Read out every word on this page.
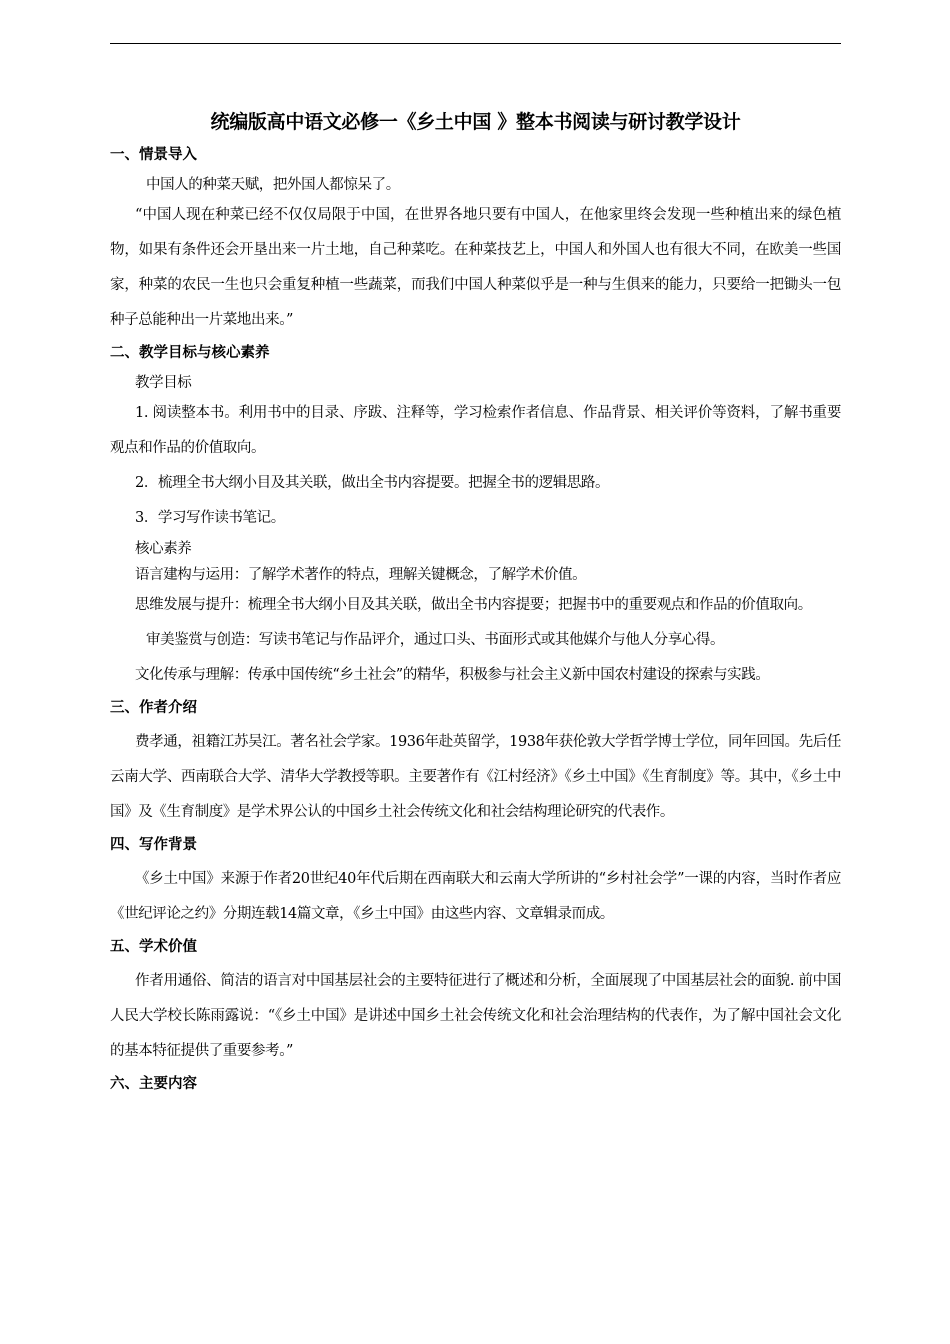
统编版高中语文必修一《乡土中国 》整本书阅读与研讨教学设计
一、情景导入

中国人的种菜天赋，把外国人都惊呆了。

“中国人现在种菜已经不仅仅局限于中国，在世界各地只要有中国人，在他家里终会发现一些种植出来的绿色植物，如果有条件还会开垦出来一片土地，自己种菜吃。在种菜技艺上，中国人和外国人也有很大不同，在欧美一些国家，种菜的农民一生也只会重复种植一些蔬菜，而我们中国人种菜似乎是一种与生俱来的能力，只要给一把锄头一包种子总能种出一片菜地出来。”

二、教学目标与核心素养

教学目标

1. 阅读整本书。利用书中的目录、序跋、注释等，学习检索作者信息、作品背景、相关评价等资料，了解书重要观点和作品的价值取向。

2．梳理全书大纲小目及其关联，做出全书内容提要。把握全书的逻辑思路。

3．学习写作读书笔记。

核心素养

语言建构与运用：了解学术著作的特点，理解关键概念，了解学术价值。

思维发展与提升：梳理全书大纲小目及其关联，做出全书内容提要；把握书中的重要观点和作品的价值取向。

审美鉴赏与创造：写读书笔记与作品评介，通过口头、书面形式或其他媒介与他人分享心得。

文化传承与理解：传承中国传统“乡土社会”的精华，积极参与社会主义新中国农村建设的探索与实践。

三、作者介绍

费孝通，祖籍江苏吴江。著名社会学家。1936年赴英留学，1938年获伦敦大学哲学博士学位，同年回国。先后任云南大学、西南联合大学、清华大学教授等职。主要著作有《江村经济》《乡土中国》《生育制度》等。其中，《乡土中国》及《生育制度》是学术界公认的中国乡土社会传统文化和社会结构理论研究的代表作。

四、写作背景

《乡土中国》来源于作者20世纪40年代后期在西南联大和云南大学所讲的“乡村社会学”一课的内容，当时作者应《世纪评论之约》分期连载14篇文章，《乡土中国》由这些内容、文章辑录而成。

五、学术价值

作者用通俗、简洁的语言对中国基层社会的主要特征进行了概述和分析，全面展现了中国基层社会的面貌. 前中国人民大学校长陈雨露说：“《乡土中国》是讲述中国乡土社会传统文化和社会治理结构的代表作，为了解中国社会文化的基本特征提供了重要参考。”

六、主要内容
